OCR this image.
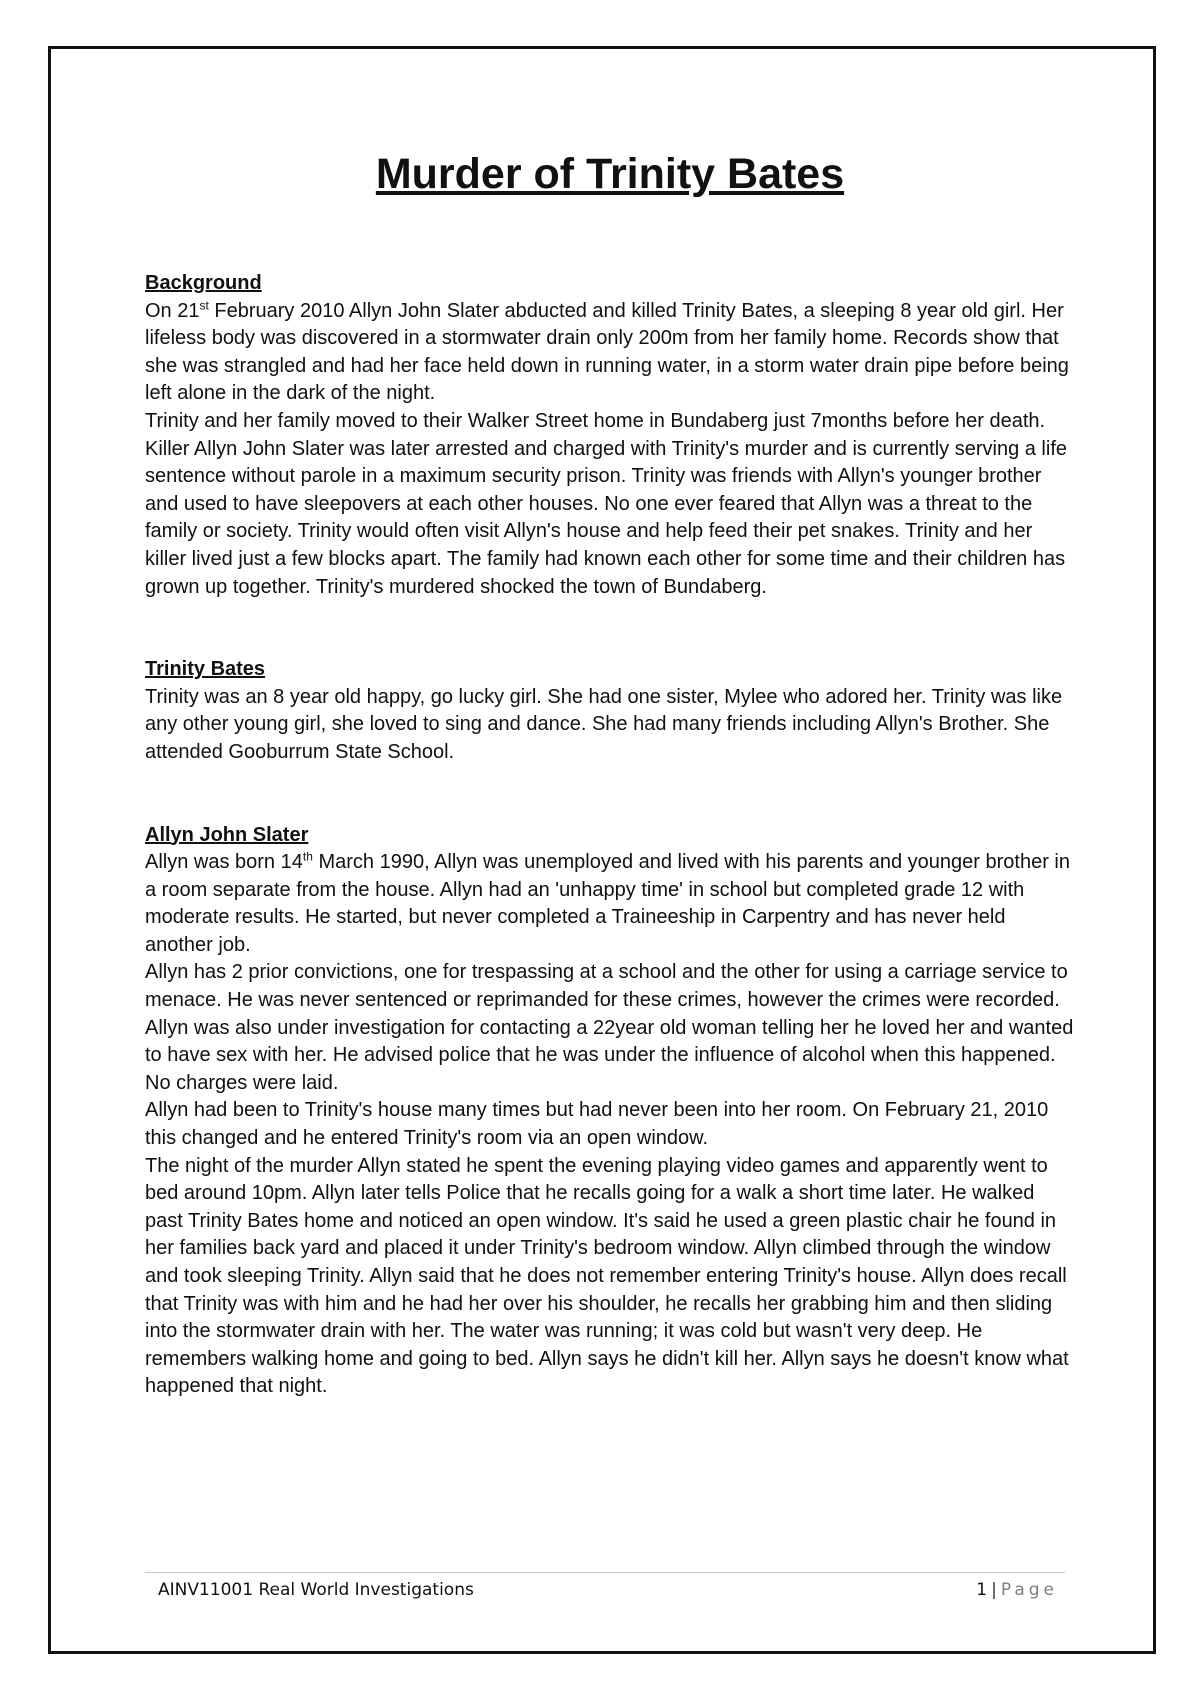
Murder of Trinity Bates

Background

On 21st February 2010 Allyn John Slater abducted and killed Trinity Bates, a sleeping 8 year old girl. Her lifeless body was discovered in a stormwater drain only 200m from her family home. Records show that she was strangled and had her face held down in running water, in a storm water drain pipe before being left alone in the dark of the night.

Trinity and her family moved to their Walker Street home in Bundaberg just 7months before her death. Killer Allyn John Slater was later arrested and charged with Trinity's murder and is currently serving a life sentence without parole in a maximum security prison. Trinity was friends with Allyn's younger brother and used to have sleepovers at each other houses. No one ever feared that Allyn was a threat to the family or society. Trinity would often visit Allyn's house and help feed their pet snakes. Trinity and her killer lived just a few blocks apart. The family had known each other for some time and their children has grown up together. Trinity's murdered shocked the town of Bundaberg.

Trinity Bates

Trinity was an 8 year old happy, go lucky girl. She had one sister, Mylee who adored her. Trinity was like any other young girl, she loved to sing and dance. She had many friends including Allyn's Brother. She attended Gooburrum State School.

Allyn John Slater

Allyn was born 14th March 1990, Allyn was unemployed and lived with his parents and younger brother in a room separate from the house. Allyn had an 'unhappy time' in school but completed grade 12 with moderate results. He started, but never completed a Traineeship in Carpentry and has never held another job.

Allyn has 2 prior convictions, one for trespassing at a school and the other for using a carriage service to menace. He was never sentenced or reprimanded for these crimes, however the crimes were recorded.

Allyn was also under investigation for contacting a 22year old woman telling her he loved her and wanted to have sex with her. He advised police that he was under the influence of alcohol when this happened. No charges were laid.

Allyn had been to Trinity's house many times but had never been into her room. On February 21, 2010 this changed and he entered Trinity's room via an open window.

The night of the murder Allyn stated he spent the evening playing video games and apparently went to bed around 10pm. Allyn later tells Police that he recalls going for a walk a short time later. He walked past Trinity Bates home and noticed an open window. It's said he used a green plastic chair he found in her families back yard and placed it under Trinity's bedroom window. Allyn climbed through the window and took sleeping Trinity. Allyn said that he does not remember entering Trinity's house. Allyn does recall that Trinity was with him and he had her over his shoulder, he recalls her grabbing him and then sliding into the stormwater drain with her. The water was running; it was cold but wasn't very deep. He remembers walking home and going to bed. Allyn says he didn't kill her. Allyn says he doesn't know what happened that night.

AINV11001 Real World Investigations	1 | Page
